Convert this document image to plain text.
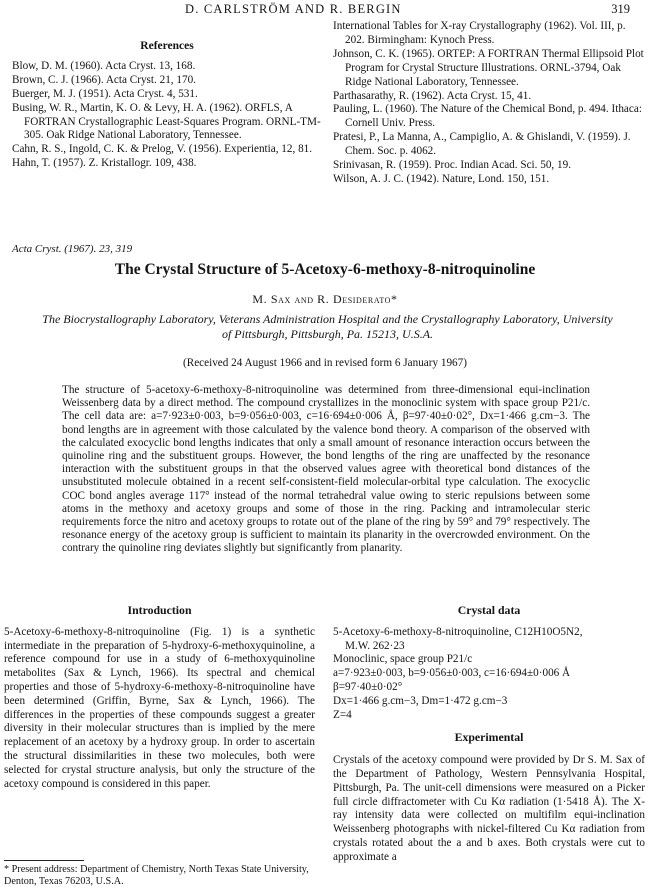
D. CARLSTRÖM AND R. BERGIN	319
References

Blow, D. M. (1960). Acta Cryst. 13, 168.

Brown, C. J. (1966). Acta Cryst. 21, 170.

Buerger, M. J. (1951). Acta Cryst. 4, 531.

Busing, W. R., Martin, K. O. & Levy, H. A. (1962). ORFLS, A FORTRAN Crystallographic Least-Squares Program. ORNL-TM-305. Oak Ridge National Laboratory, Tennessee.

Cahn, R. S., Ingold, C. K. & Prelog, V. (1956). Experientia, 12, 81.

Hahn, T. (1957). Z. Kristallogr. 109, 438.

International Tables for X-ray Crystallography (1962). Vol. III, p. 202. Birmingham: Kynoch Press.

Johnson, C. K. (1965). ORTEP: A FORTRAN Thermal Ellipsoid Plot Program for Crystal Structure Illustrations. ORNL-3794, Oak Ridge National Laboratory, Tennessee.

Parthasarathy, R. (1962). Acta Cryst. 15, 41.

Pauling, L. (1960). The Nature of the Chemical Bond, p. 494. Ithaca: Cornell Univ. Press.

Pratesi, P., La Manna, A., Campiglio, A. & Ghislandi, V. (1959). J. Chem. Soc. p. 4062.

Srinivasan, R. (1959). Proc. Indian Acad. Sci. 50, 19.

Wilson, A. J. C. (1942). Nature, Lond. 150, 151.

Acta Cryst. (1967). 23, 319
The Crystal Structure of 5-Acetoxy-6-methoxy-8-nitroquinoline
M. Sax and R. Desiderato*
The Biocrystallography Laboratory, Veterans Administration Hospital and the Crystallography Laboratory, University of Pittsburgh, Pittsburgh, Pa. 15213, U.S.A.
(Received 24 August 1966 and in revised form 6 January 1967)
The structure of 5-acetoxy-6-methoxy-8-nitroquinoline was determined from three-dimensional equi-inclination Weissenberg data by a direct method. The compound crystallizes in the monoclinic system with space group P21/c. The cell data are: a=7·923±0·003, b=9·056±0·003, c=16·694±0·006 Å, β=97·40±0·02°, Dx=1·466 g.cm−3. The bond lengths are in agreement with those calculated by the valence bond theory. A comparison of the observed with the calculated exocyclic bond lengths indicates that only a small amount of resonance interaction occurs between the quinoline ring and the substituent groups. However, the bond lengths of the ring are unaffected by the resonance interaction with the substituent groups in that the observed values agree with theoretical bond distances of the unsubstituted molecule obtained in a recent self-consistent-field molecular-orbital type calculation. The exocyclic COC bond angles average 117° instead of the normal tetrahedral value owing to steric repulsions between some atoms in the methoxy and acetoxy groups and some of those in the ring. Packing and intramolecular steric requirements force the nitro and acetoxy groups to rotate out of the plane of the ring by 59° and 79° respectively. The resonance energy of the acetoxy group is sufficient to maintain its planarity in the overcrowded environment. On the contrary the quinoline ring deviates slightly but significantly from planarity.
Introduction

5-Acetoxy-6-methoxy-8-nitroquinoline (Fig. 1) is a synthetic intermediate in the preparation of 5-hydroxy-6-methoxyquinoline, a reference compound for use in a study of 6-methoxyquinoline metabolites (Sax & Lynch, 1966). Its spectral and chemical properties and those of 5-hydroxy-6-methoxy-8-nitroquinoline have been determined (Griffin, Byrne, Sax & Lynch, 1966). The differences in the properties of these compounds suggest a greater diversity in their molecular structures than is implied by the mere replacement of an acetoxy by a hydroxy group. In order to ascertain the structural dissimilarities in these two molecules, both were selected for crystal structure analysis, but only the structure of the acetoxy compound is considered in this paper.

* Present address: Department of Chemistry, North Texas State University, Denton, Texas 76203, U.S.A.
Crystal data

5-Acetoxy-6-methoxy-8-nitroquinoline, C12H10O5N2,

M.W. 262·23

Monoclinic, space group P21/c

a=7·923±0·003, b=9·056±0·003, c=16·694±0·006 Å

β=97·40±0·02°

Dx=1·466 g.cm−3, Dm=1·472 g.cm−3

Z=4

Experimental

Crystals of the acetoxy compound were provided by Dr S. M. Sax of the Department of Pathology, Western Pennsylvania Hospital, Pittsburgh, Pa. The unit-cell dimensions were measured on a Picker full circle diffractometer with Cu Kα radiation (1·5418 Å). The X-ray intensity data were collected on multifilm equi-inclination Weissenberg photographs with nickel-filtered Cu Kα radiation from crystals rotated about the a and b axes. Both crystals were cut to approximate a
